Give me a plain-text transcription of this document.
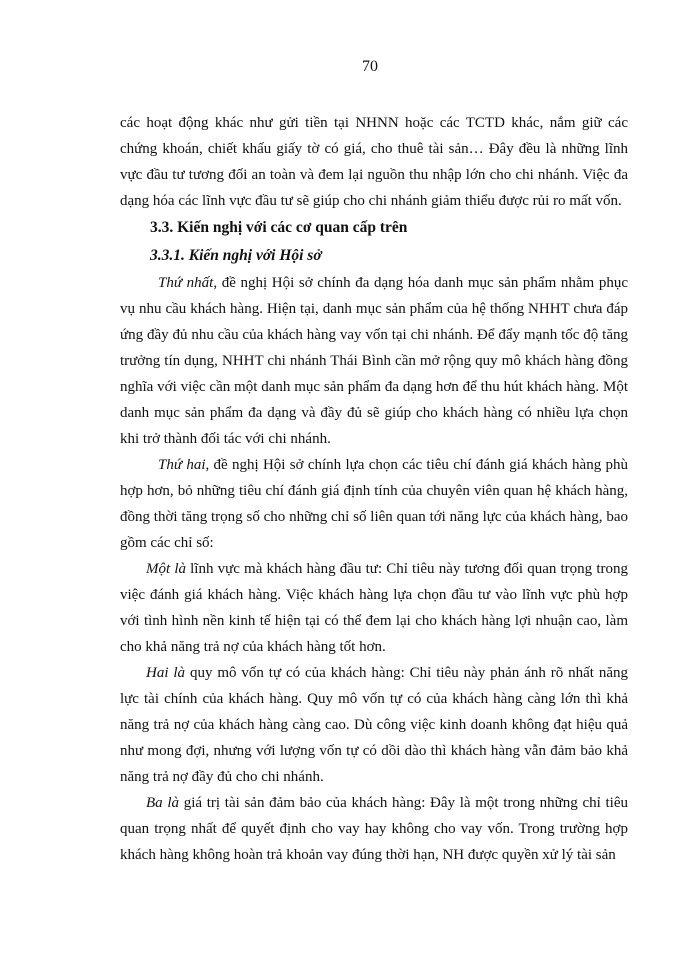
70

các hoạt động khác như gửi tiền tại NHNN hoặc các TCTD khác, nắm giữ các chứng khoán, chiết khấu giấy tờ có giá, cho thuê tài sản… Đây đều là những lĩnh vực đầu tư tương đối an toàn và đem lại nguồn thu nhập lớn cho chi nhánh. Việc đa dạng hóa các lĩnh vực đầu tư sẽ giúp cho chi nhánh giảm thiểu được rủi ro mất vốn.

3.3. Kiến nghị với các cơ quan cấp trên

3.3.1. Kiến nghị với Hội sở

Thứ nhất, đề nghị Hội sở chính đa dạng hóa danh mục sản phẩm nhằm phục vụ nhu cầu khách hàng. Hiện tại, danh mục sản phẩm của hệ thống NHHT chưa đáp ứng đầy đủ nhu cầu của khách hàng vay vốn tại chi nhánh. Để đẩy mạnh tốc độ tăng trưởng tín dụng, NHHT chi nhánh Thái Bình cần mở rộng quy mô khách hàng đồng nghĩa với việc cần một danh mục sản phẩm đa dạng hơn để thu hút khách hàng. Một danh mục sản phẩm đa dạng và đầy đủ sẽ giúp cho khách hàng có nhiều lựa chọn khi trở thành đối tác với chi nhánh.

Thứ hai, đề nghị Hội sở chính lựa chọn các tiêu chí đánh giá khách hàng phù hợp hơn, bỏ những tiêu chí đánh giá định tính của chuyên viên quan hệ khách hàng, đồng thời tăng trọng số cho những chỉ số liên quan tới năng lực của khách hàng, bao gồm các chỉ số:

Một là lĩnh vực mà khách hàng đầu tư: Chỉ tiêu này tương đối quan trọng trong việc đánh giá khách hàng. Việc khách hàng lựa chọn đầu tư vào lĩnh vực phù hợp với tình hình nền kinh tế hiện tại có thể đem lại cho khách hàng lợi nhuận cao, làm cho khả năng trả nợ của khách hàng tốt hơn.

Hai là quy mô vốn tự có của khách hàng: Chỉ tiêu này phản ánh rõ nhất năng lực tài chính của khách hàng. Quy mô vốn tự có của khách hàng càng lớn thì khả năng trả nợ của khách hàng càng cao. Dù công việc kinh doanh không đạt hiệu quả như mong đợi, nhưng với lượng vốn tự có dồi dào thì khách hàng vẫn đảm bảo khả năng trả nợ đầy đủ cho chi nhánh.

Ba là giá trị tài sản đảm bảo của khách hàng: Đây là một trong những chỉ tiêu quan trọng nhất để quyết định cho vay hay không cho vay vốn. Trong trường hợp khách hàng không hoàn trả khoản vay đúng thời hạn, NH được quyền xử lý tài sản
